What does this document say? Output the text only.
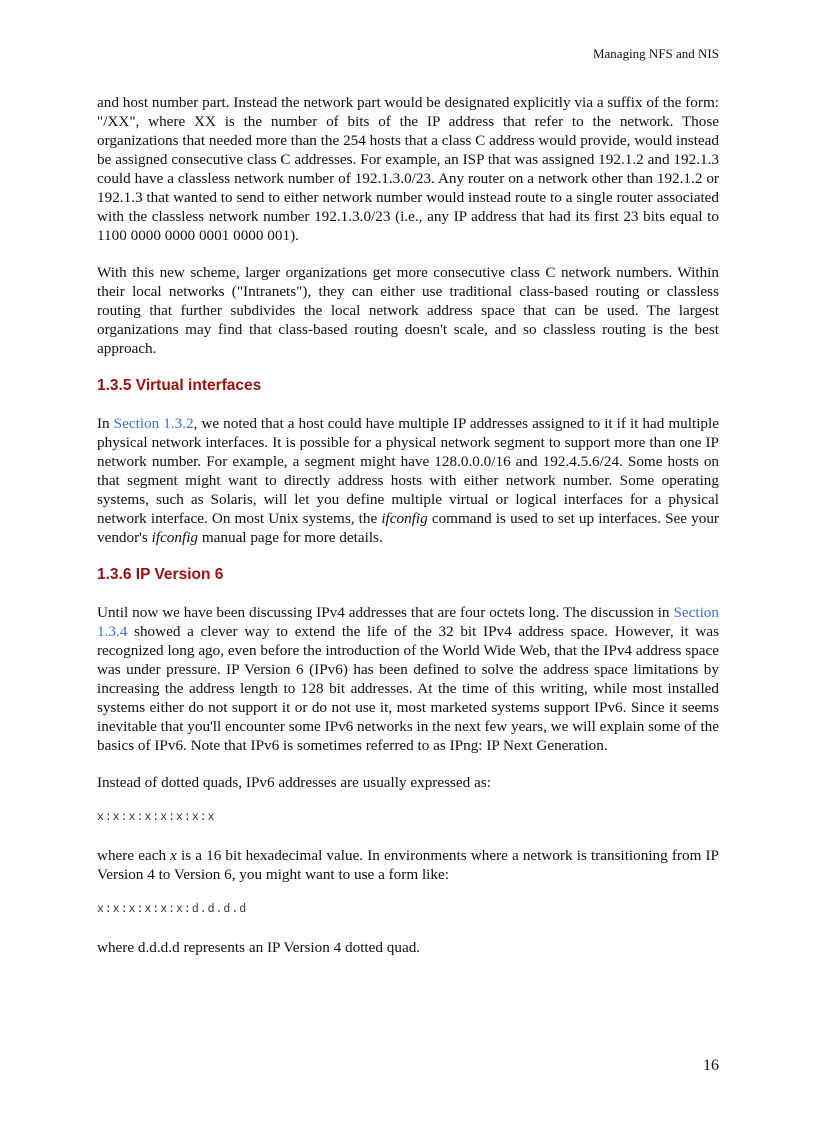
Managing NFS and NIS

and host number part. Instead the network part would be designated explicitly via a suffix of the form: "/XX", where XX is the number of bits of the IP address that refer to the network. Those organizations that needed more than the 254 hosts that a class C address would provide, would instead be assigned consecutive class C addresses. For example, an ISP that was assigned 192.1.2 and 192.1.3 could have a classless network number of 192.1.3.0/23. Any router on a network other than 192.1.2 or 192.1.3 that wanted to send to either network number would instead route to a single router associated with the classless network number 192.1.3.0/23 (i.e., any IP address that had its first 23 bits equal to 1100 0000 0000 0001 0000 001).

With this new scheme, larger organizations get more consecutive class C network numbers. Within their local networks ("Intranets"), they can either use traditional class-based routing or classless routing that further subdivides the local network address space that can be used. The largest organizations may find that class-based routing doesn't scale, and so classless routing is the best approach.

1.3.5 Virtual interfaces

In Section 1.3.2, we noted that a host could have multiple IP addresses assigned to it if it had multiple physical network interfaces. It is possible for a physical network segment to support more than one IP network number. For example, a segment might have 128.0.0.0/16 and 192.4.5.6/24. Some hosts on that segment might want to directly address hosts with either network number. Some operating systems, such as Solaris, will let you define multiple virtual or logical interfaces for a physical network interface. On most Unix systems, the ifconfig command is used to set up interfaces. See your vendor's ifconfig manual page for more details.

1.3.6 IP Version 6

Until now we have been discussing IPv4 addresses that are four octets long. The discussion in Section 1.3.4 showed a clever way to extend the life of the 32 bit IPv4 address space. However, it was recognized long ago, even before the introduction of the World Wide Web, that the IPv4 address space was under pressure. IP Version 6 (IPv6) has been defined to solve the address space limitations by increasing the address length to 128 bit addresses. At the time of this writing, while most installed systems either do not support it or do not use it, most marketed systems support IPv6. Since it seems inevitable that you'll encounter some IPv6 networks in the next few years, we will explain some of the basics of IPv6. Note that IPv6 is sometimes referred to as IPng: IP Next Generation.

Instead of dotted quads, IPv6 addresses are usually expressed as:

x:x:x:x:x:x:x:x

where each x is a 16 bit hexadecimal value. In environments where a network is transitioning from IP Version 4 to Version 6, you might want to use a form like:

x:x:x:x:x:x:d.d.d.d

where d.d.d.d represents an IP Version 4 dotted quad.

16
